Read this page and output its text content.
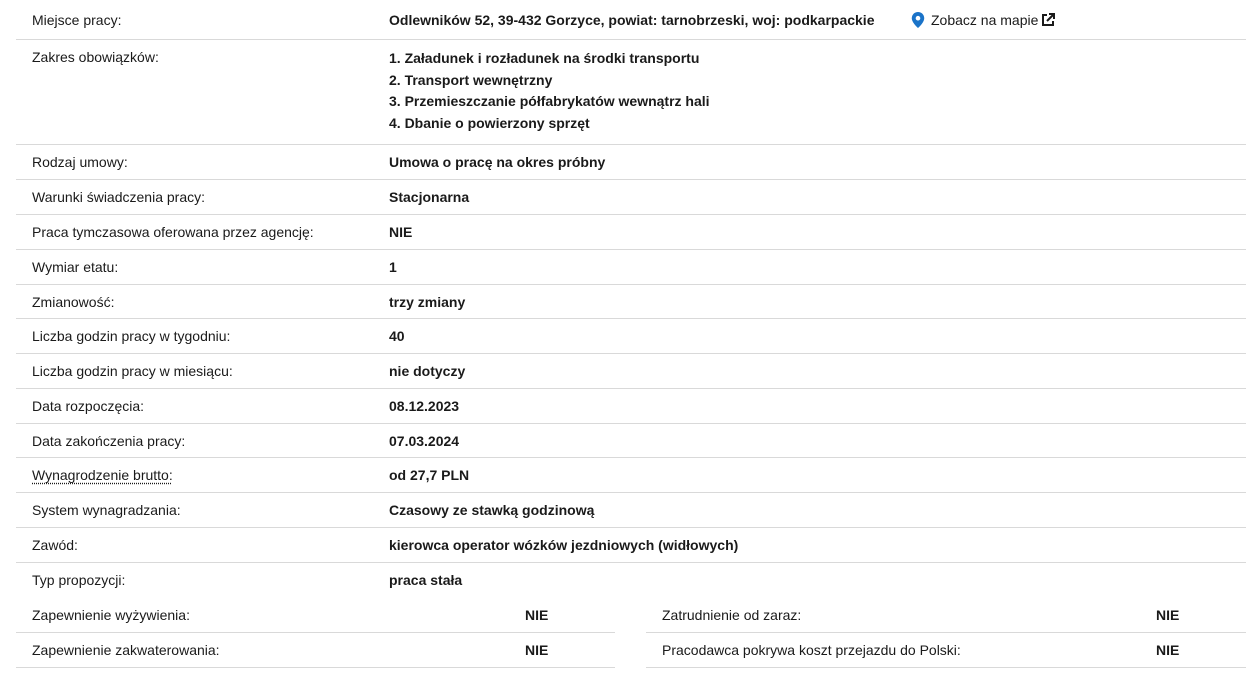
Miejsce pracy:	Odlewników 52, 39-432 Gorzyce, powiat: tarnobrzeski, woj: podkarpackie	Zobacz na mapie
Zakres obowiązków:	1. Załadunek i rozładunek na środki transportu
2. Transport wewnętrzny
3. Przemieszczanie półfabrykatów wewnątrz hali
4. Dbanie o powierzony sprzęt
Rodzaj umowy:	Umowa o pracę na okres próbny
Warunki świadczenia pracy:	Stacjonarna
Praca tymczasowa oferowana przez agencję:	NIE
Wymiar etatu:	1
Zmianowość:	trzy zmiany
Liczba godzin pracy w tygodniu:	40
Liczba godzin pracy w miesiącu:	nie dotyczy
Data rozpoczęcia:	08.12.2023
Data zakończenia pracy:	07.03.2024
Wynagrodzenie brutto:	od 27,7 PLN
System wynagradzania:	Czasowy ze stawką godzinową
Zawód:	kierowca operator wózków jezdniowych (widłowych)
Typ propozycji:	praca stała
Zapewnienie wyżywienia:	NIE
Zapewnienie zakwaterowania:	NIE
Zatrudnienie od zaraz:	NIE
Pracodawca pokrywa koszt przejazdu do Polski:	NIE
